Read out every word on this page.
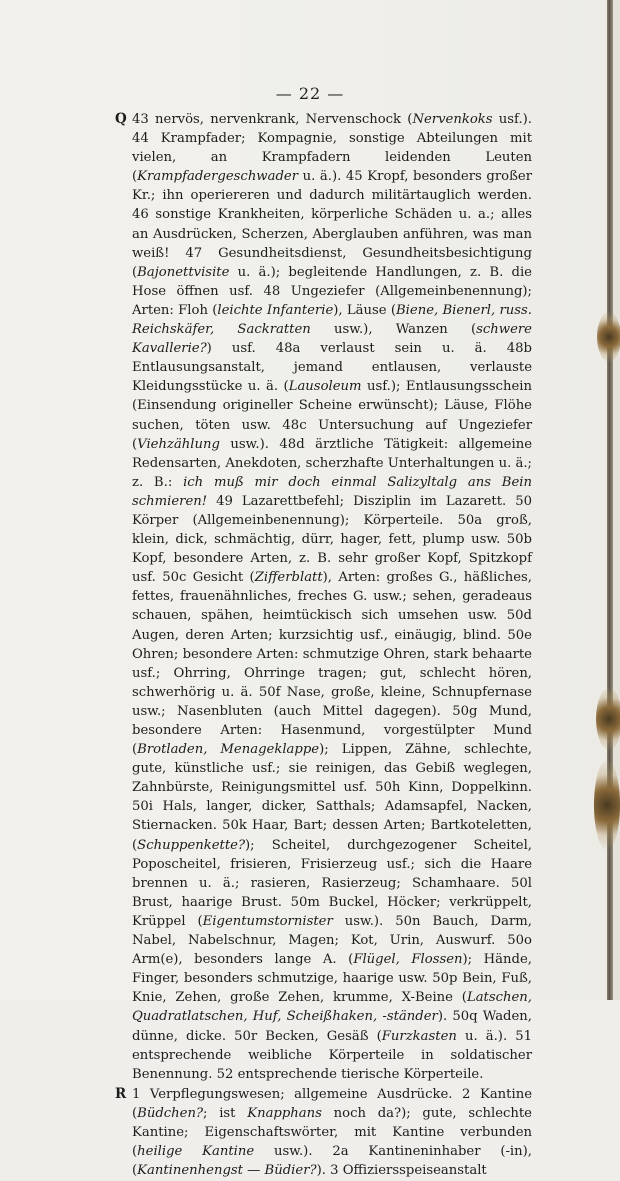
— 22 —
Q 43 nervös, nervenkrank, Nervenschock (Nervenkoks usf.). 44 Krampfader; Kompagnie, sonstige Abteilungen mit vielen, an Krampfadern leidenden Leuten (Krampfadergeschwader u. ä.). 45 Kropf, besonders großer Kr.; ihn operiereren und dadurch militärtauglich werden. 46 sonstige Krankheiten, körperliche Schäden u. a.; alles an Ausdrücken, Scherzen, Aberglauben anführen, was man weiß! 47 Gesundheitsdienst, Gesundheitsbesichtigung (Bajonettvisite u. ä.); begleitende Handlungen, z. B. die Hose öffnen usf. 48 Ungeziefer (Allgemeinbenennung); Arten: Floh (leichte Infanterie), Läuse (Biene, Bienerl, russ. Reichskäfer, Sackratten usw.), Wanzen (schwere Kavallerie?) usf. 48a verlaust sein u. ä. 48b Entlausungsanstalt, jemand entlausen, verlauste Kleidungsstücke u. ä. (Lausoleum usf.); Entlausungsschein (Einsendung origineller Scheine erwünscht); Läuse, Flöhe suchen, töten usw. 48c Untersuchung auf Ungeziefer (Viehzählung usw.). 48d ärztliche Tätigkeit: allgemeine Redensarten, Anekdoten, scherzhafte Unterhaltungen u. ä.; z. B.: ich muß mir doch einmal Salizyltalg ans Bein schmieren! 49 Lazarettbefehl; Disziplin im Lazarett. 50 Körper (Allgemeinbenennung); Körperteile. 50a groß, klein, dick, schmächtig, dürr, hager, fett, plump usw. 50b Kopf, besondere Arten, z. B. sehr großer Kopf, Spitzkopf usf. 50c Gesicht (Zifferblatt), Arten: großes G., häßliches, fettes, frauenähnliches, freches G. usw.; sehen, geradeaus schauen, spähen, heimtückisch sich umsehen usw. 50d Augen, deren Arten; kurzsichtig usf., einäugig, blind. 50e Ohren; besondere Arten: schmutzige Ohren, stark behaarte usf.; Ohrring, Ohrringe tragen; gut, schlecht hören, schwerhörig u. ä. 50f Nase, große, kleine, Schnupfernase usw.; Nasenbluten (auch Mittel dagegen). 50g Mund, besondere Arten: Hasenmund, vorgestülpter Mund (Brotladen, Menageklappe); Lippen, Zähne, schlechte, gute, künstliche usf.; sie reinigen, das Gebiß weglegen, Zahnbürste, Reinigungsmittel usf. 50h Kinn, Doppelkinn. 50i Hals, langer, dicker, Satthals; Adamsapfel, Nacken, Stiernacken. 50k Haar, Bart; dessen Arten; Bartkoteletten, (Schuppenkette?); Scheitel, durchgezogener Scheitel, Poposcheitel, frisieren, Frisierzeug usf.; sich die Haare brennen u. ä.; rasieren, Rasierzeug; Schamhaare. 50l Brust, haarige Brust. 50m Buckel, Höcker; verkrüppelt, Krüppel (Eigentumstornister usw.). 50n Bauch, Darm, Nabel, Nabelschnur, Magen; Kot, Urin, Auswurf. 50o Arm(e), besonders lange A. (Flügel, Flossen); Hände, Finger, besonders schmutzige, haarige usw. 50p Bein, Fuß, Knie, Zehen, große Zehen, krumme, X-Beine (Latschen, Quadratlatschen, Huf, Scheißhaken, -ständer). 50q Waden, dünne, dicke. 50r Becken, Gesäß (Furzkasten u. ä.). 51 entsprechende weibliche Körperteile in soldatischer Benennung. 52 entsprechende tierische Körperteile.

R 1 Verpflegungswesen; allgemeine Ausdrücke. 2 Kantine (Büdchen?; ist Knapphans noch da?); gute, schlechte Kantine; Eigenschaftswörter, mit Kantine verbunden (heilige Kantine usw.). 2a Kantineninhaber (-in), (Kantinenhengst — Büdier?). 3 Offiziersspeiseanstalt
